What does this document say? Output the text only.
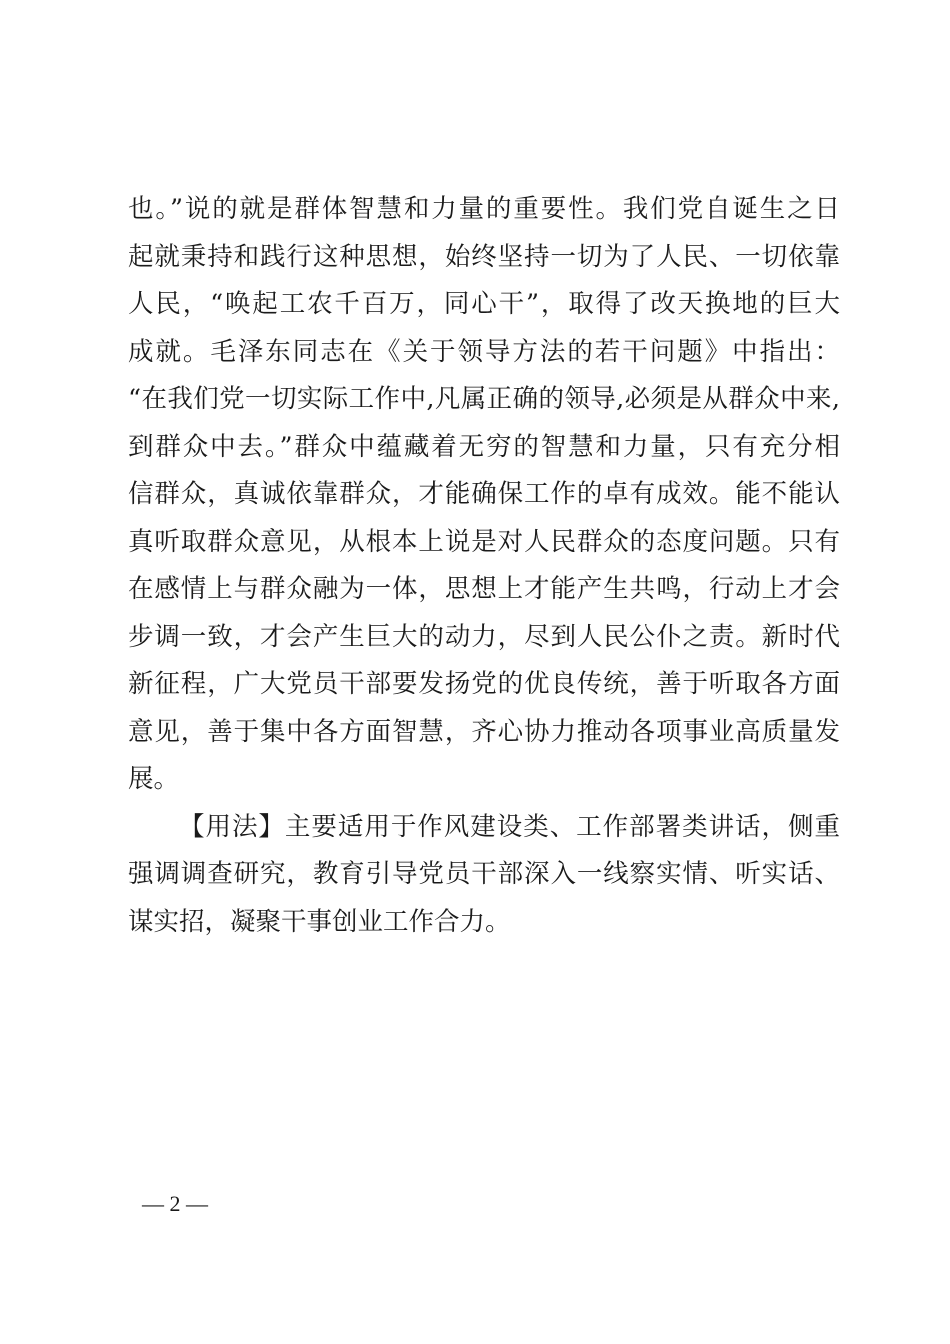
也。”说的就是群体智慧和力量的重要性。我们党自诞生之日
起就秉持和践行这种思想，始终坚持一切为了人民、一切依靠
人民，“唤起工农千百万，同心干”，取得了改天换地的巨大
成就。毛泽东同志在《关于领导方法的若干问题》中指出：
“在我们党一切实际工作中,凡属正确的领导,必须是从群众中来,
到群众中去。”群众中蕴藏着无穷的智慧和力量，只有充分相
信群众，真诚依靠群众，才能确保工作的卓有成效。能不能认
真听取群众意见，从根本上说是对人民群众的态度问题。只有
在感情上与群众融为一体，思想上才能产生共鸣，行动上才会
步调一致，才会产生巨大的动力，尽到人民公仆之责。新时代
新征程，广大党员干部要发扬党的优良传统，善于听取各方面
意见，善于集中各方面智慧，齐心协力推动各项事业高质量发
展。
【用法】主要适用于作风建设类、工作部署类讲话，侧重
强调调查研究，教育引导党员干部深入一线察实情、听实话、
谋实招，凝聚干事创业工作合力。
— 2 —
